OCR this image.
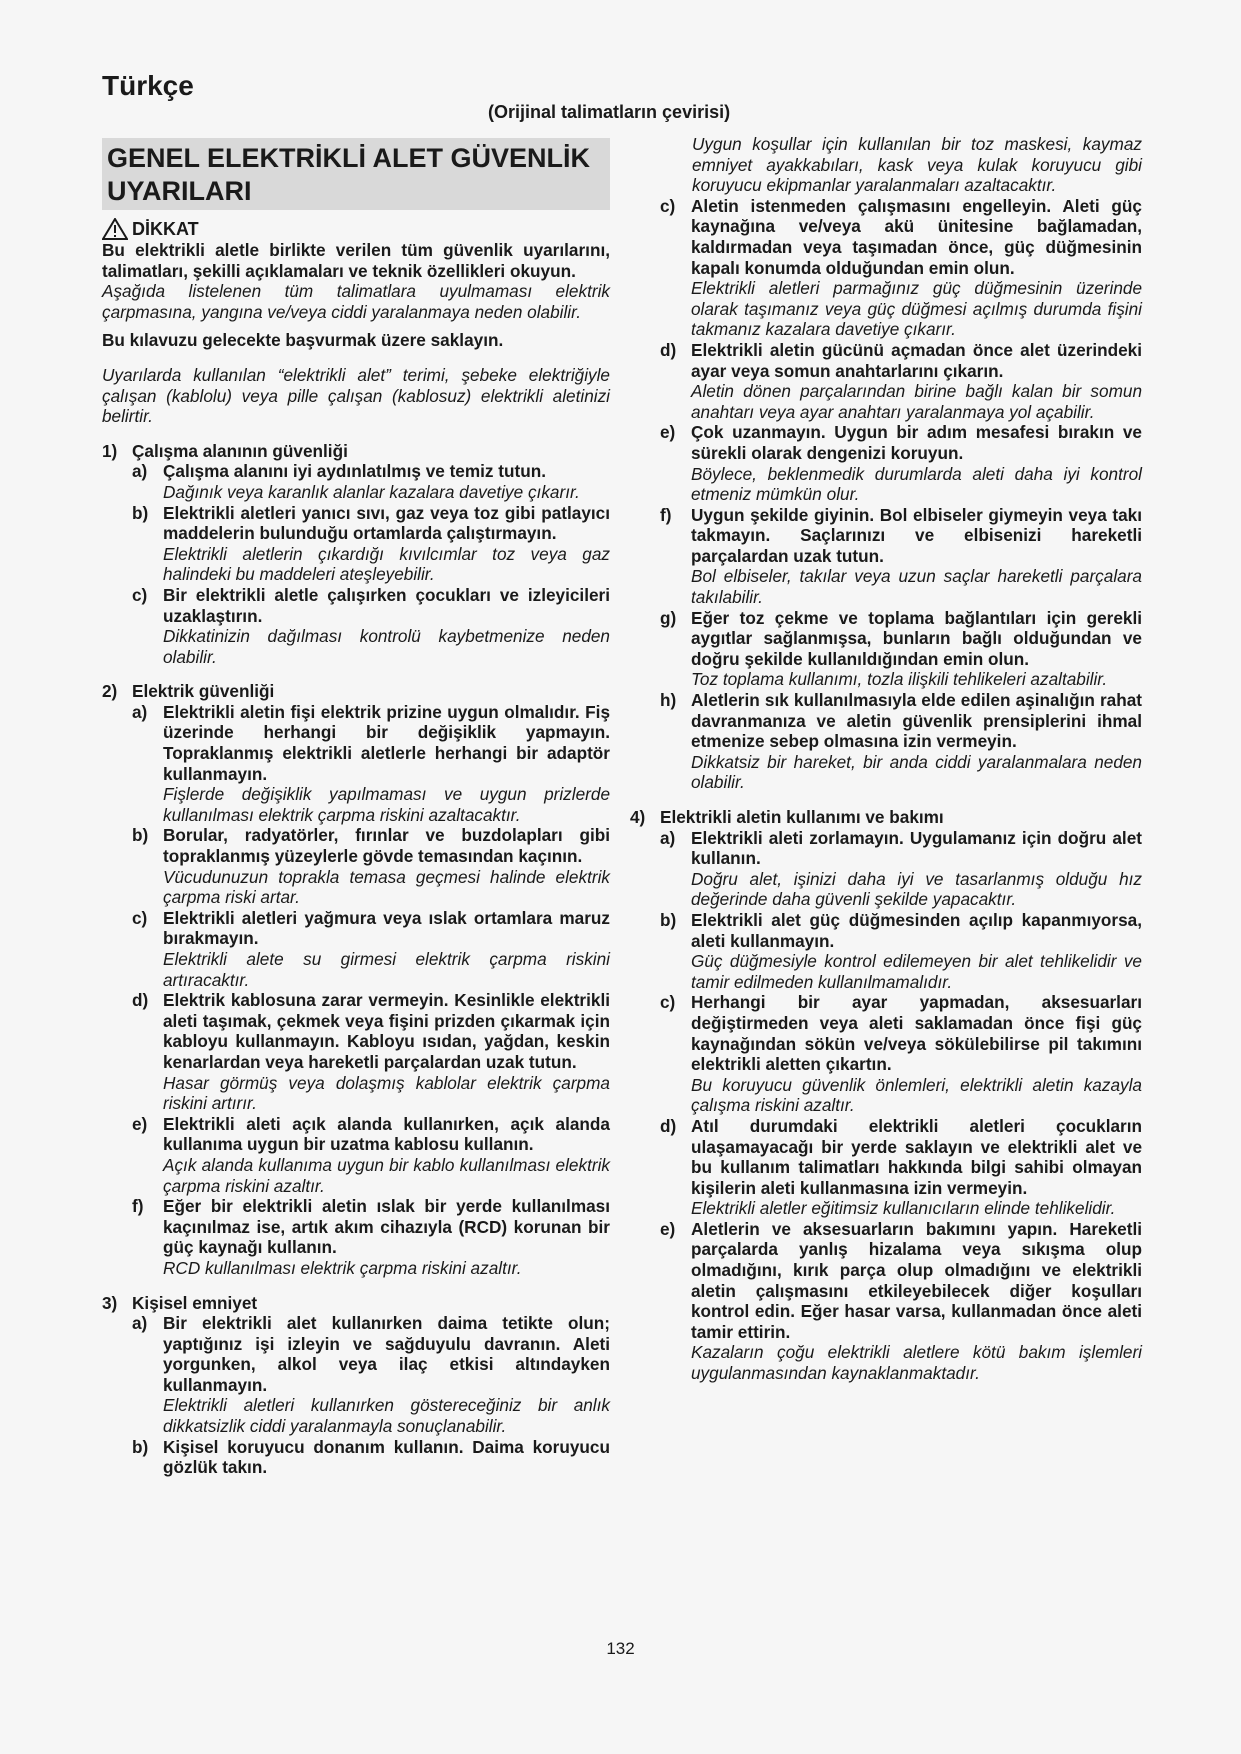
Türkçe
(Orijinal talimatların çevirisi)
GENEL ELEKTRİKLİ ALET GÜVENLİK UYARILARI
DİKKAT

Bu elektrikli aletle birlikte verilen tüm güvenlik uyarılarını, talimatları, şekilli açıklamaları ve teknik özellikleri okuyun.

Aşağıda listelenen tüm talimatlara uyulmaması elektrik çarpmasına, yangına ve/veya ciddi yaralanmaya neden olabilir.

Bu kılavuzu gelecekte başvurmak üzere saklayın.

Uyarılarda kullanılan “elektrikli alet” terimi, şebeke elektriğiyle çalışan (kablolu) veya pille çalışan (kablosuz) elektrikli aletinizi belirtir.

1) Çalışma alanının güvenliği
a) Çalışma alanını iyi aydınlatılmış ve temiz tutun.

Dağınık veya karanlık alanlar kazalara davetiye çıkarır.

b) Elektrikli aletleri yanıcı sıvı, gaz veya toz gibi patlayıcı maddelerin bulunduğu ortamlarda çalıştırmayın.

Elektrikli aletlerin çıkardığı kıvılcımlar toz veya gaz halindeki bu maddeleri ateşleyebilir.

c) Bir elektrikli aletle çalışırken çocukları ve izleyicileri uzaklaştırın.

Dikkatinizin dağılması kontrolü kaybetmenize neden olabilir.

2) Elektrik güvenliği
a) Elektrikli aletin fişi elektrik prizine uygun olmalıdır. Fiş üzerinde herhangi bir değişiklik yapmayın. Topraklanmış elektrikli aletlerle herhangi bir adaptör kullanmayın.

Fişlerde değişiklik yapılmaması ve uygun prizlerde kullanılması elektrik çarpma riskini azaltacaktır.

b) Borular, radyatörler, fırınlar ve buzdolapları gibi topraklanmış yüzeylerle gövde temasından kaçının.

Vücudunuzun toprakla temasa geçmesi halinde elektrik çarpma riski artar.

c) Elektrikli aletleri yağmura veya ıslak ortamlara maruz bırakmayın.

Elektrikli alete su girmesi elektrik çarpma riskini artıracaktır.

d) Elektrik kablosuna zarar vermeyin. Kesinlikle elektrikli aleti taşımak, çekmek veya fişini prizden çıkarmak için kabloyu kullanmayın. Kabloyu ısıdan, yağdan, keskin kenarlardan veya hareketli parçalardan uzak tutun.

Hasar görmüş veya dolaşmış kablolar elektrik çarpma riskini artırır.

e) Elektrikli aleti açık alanda kullanırken, açık alanda kullanıma uygun bir uzatma kablosu kullanın.

Açık alanda kullanıma uygun bir kablo kullanılması elektrik çarpma riskini azaltır.

f)	Eğer bir elektrikli aletin ıslak bir yerde kullanılması kaçınılmaz ise, artık akım cihazıyla (RCD) korunan bir güç kaynağı kullanın.

RCD kullanılması elektrik çarpma riskini azaltır.

3) Kişisel emniyet
a) Bir elektrikli alet kullanırken daima tetikte olun; yaptığınız işi izleyin ve sağduyulu davranın. Aleti yorgunken, alkol veya ilaç etkisi altındayken kullanmayın.

Elektrikli aletleri kullanırken göstereceğiniz bir anlık dikkatsizlik ciddi yaralanmayla sonuçlanabilir.

b) Kişisel koruyucu donanım kullanın. Daima koruyucu gözlük takın.

Uygun koşullar için kullanılan bir toz maskesi, kaymaz emniyet ayakkabıları, kask veya kulak koruyucu gibi koruyucu ekipmanlar yaralanmaları azaltacaktır.

c) Aletin istenmeden çalışmasını engelleyin. Aleti güç kaynağına ve/veya akü ünitesine bağlamadan, kaldırmadan veya taşımadan önce, güç düğmesinin kapalı konumda olduğundan emin olun.

Elektrikli aletleri parmağınız güç düğmesinin üzerinde olarak taşımanız veya güç düğmesi açılmış durumda fişini takmanız kazalara davetiye çıkarır.

d) Elektrikli aletin gücünü açmadan önce alet üzerindeki ayar veya somun anahtarlarını çıkarın.

Aletin dönen parçalarından birine bağlı kalan bir somun anahtarı veya ayar anahtarı yaralanmaya yol açabilir.

e) Çok uzanmayın. Uygun bir adım mesafesi bırakın ve sürekli olarak dengenizi koruyun.

Böylece, beklenmedik durumlarda aleti daha iyi kontrol etmeniz mümkün olur.

f)	Uygun şekilde giyinin. Bol elbiseler giymeyin veya takı takmayın. Saçlarınızı ve elbisenizi hareketli parçalardan uzak tutun.

Bol elbiseler, takılar veya uzun saçlar hareketli parçalara takılabilir.

g) Eğer toz çekme ve toplama bağlantıları için gerekli aygıtlar sağlanmışsa, bunların bağlı olduğundan ve doğru şekilde kullanıldığından emin olun.

Toz toplama kullanımı, tozla ilişkili tehlikeleri azaltabilir.

h) Aletlerin sık kullanılmasıyla elde edilen aşinalığın rahat davranmanıza ve aletin güvenlik prensiplerini ihmal etmenize sebep olmasına izin vermeyin.

Dikkatsiz bir hareket, bir anda ciddi yaralanmalara neden olabilir.

4) Elektrikli aletin kullanımı ve bakımı
a) Elektrikli aleti zorlamayın. Uygulamanız için doğru alet kullanın.

Doğru alet, işinizi daha iyi ve tasarlanmış olduğu hız değerinde daha güvenli şekilde yapacaktır.

b) Elektrikli alet güç düğmesinden açılıp kapanmıyorsa, aleti kullanmayın.

Güç düğmesiyle kontrol edilemeyen bir alet tehlikelidir ve tamir edilmeden kullanılmamalıdır.

c) Herhangi bir ayar yapmadan, aksesuarları değiştirmeden veya aleti saklamadan önce fişi güç kaynağından sökün ve/veya sökülebilirse pil takımını elektrikli aletten çıkartın.

Bu koruyucu güvenlik önlemleri, elektrikli aletin kazayla çalışma riskini azaltır.

d) Atıl durumdaki elektrikli aletleri çocukların ulaşamayacağı bir yerde saklayın ve elektrikli alet ve bu kullanım talimatları hakkında bilgi sahibi olmayan kişilerin aleti kullanmasına izin vermeyin.

Elektrikli aletler eğitimsiz kullanıcıların elinde tehlikelidir.

e) Aletlerin ve aksesuarların bakımını yapın. Hareketli parçalarda yanlış hizalama veya sıkışma olup olmadığını, kırık parça olup olmadığını ve elektrikli aletin çalışmasını etkileyebilecek diğer koşulları kontrol edin. Eğer hasar varsa, kullanmadan önce aleti tamir ettirin.

Kazaların çoğu elektrikli aletlere kötü bakım işlemleri uygulanmasından kaynaklanmaktadır.

132
